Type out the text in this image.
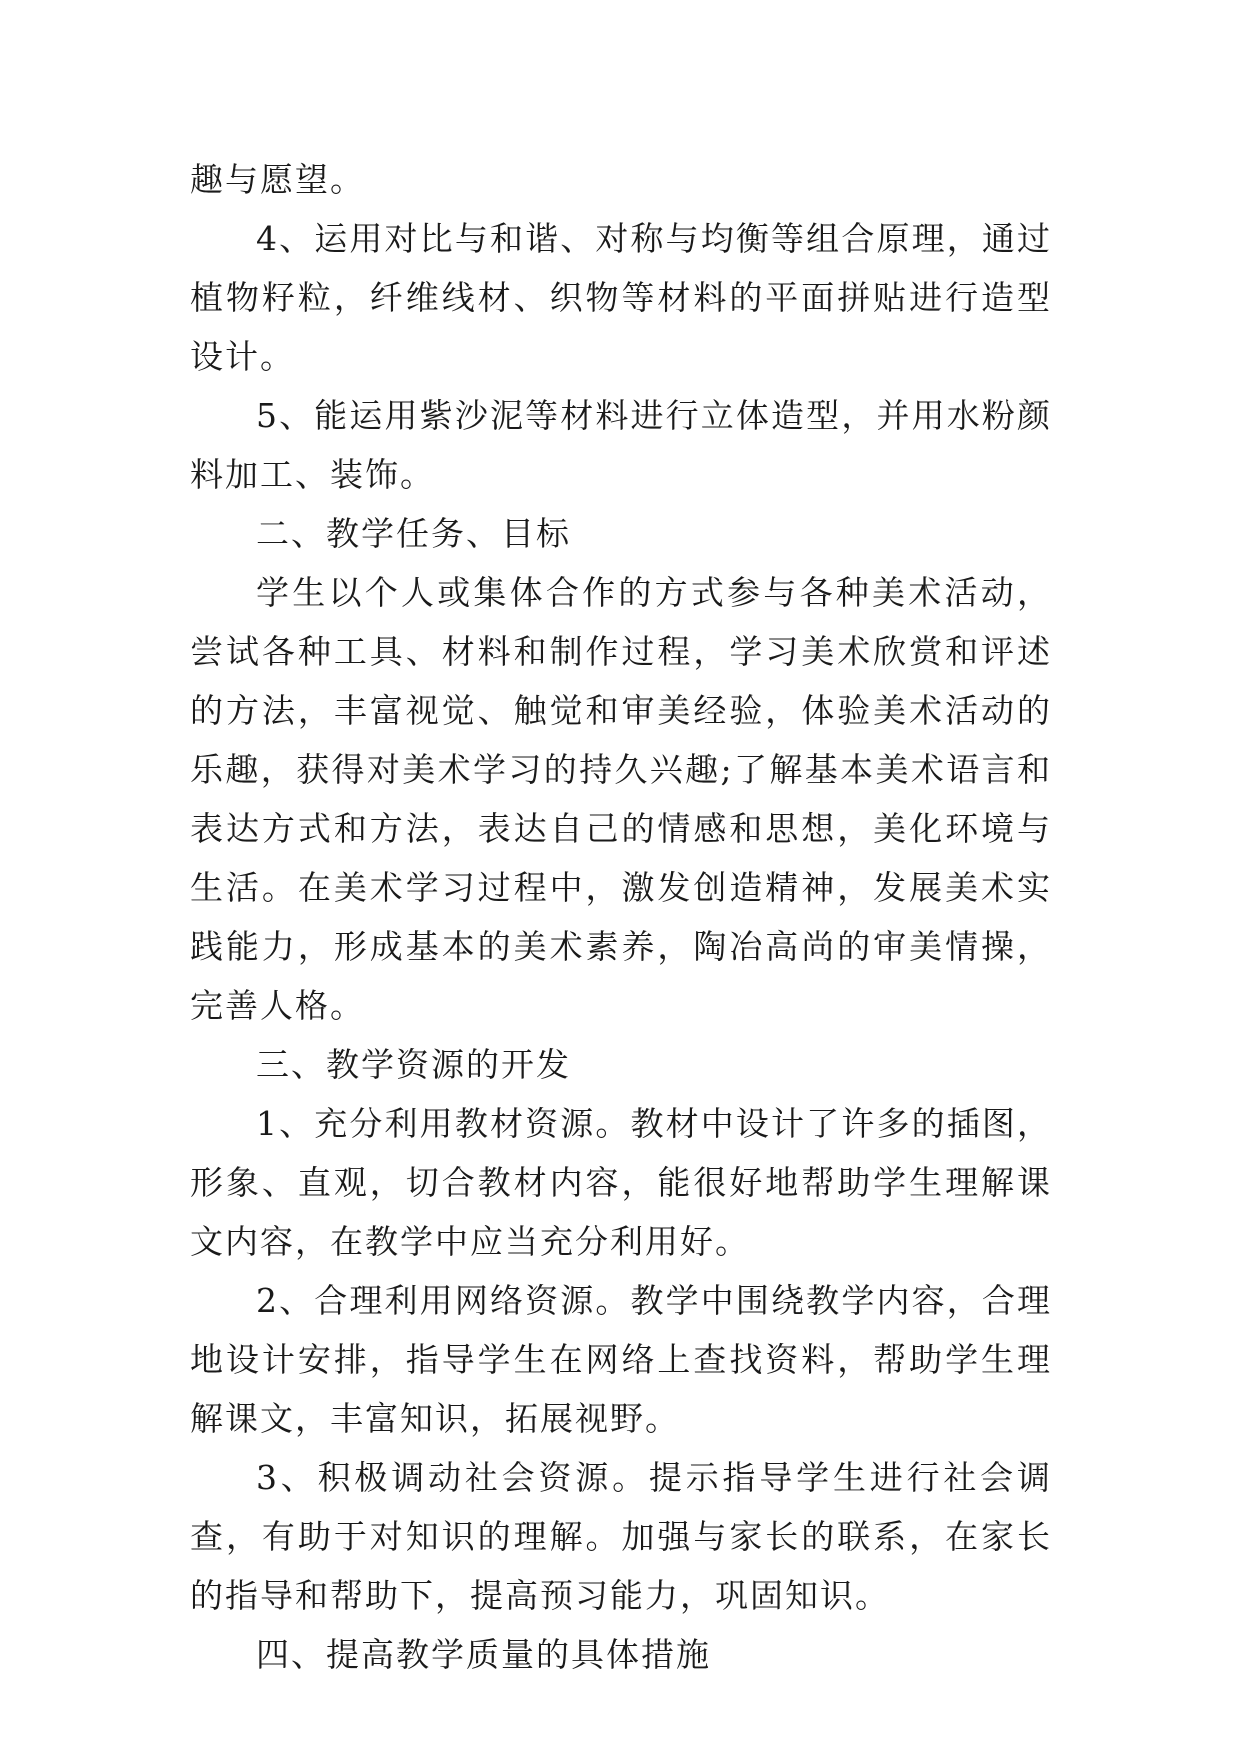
趣与愿望。

4、运用对比与和谐、对称与均衡等组合原理，通过植物籽粒，纤维线材、织物等材料的平面拼贴进行造型设计。

5、能运用紫沙泥等材料进行立体造型，并用水粉颜料加工、装饰。

二、教学任务、目标

学生以个人或集体合作的方式参与各种美术活动，尝试各种工具、材料和制作过程，学习美术欣赏和评述的方法，丰富视觉、触觉和审美经验，体验美术活动的乐趣，获得对美术学习的持久兴趣;了解基本美术语言和表达方式和方法，表达自己的情感和思想，美化环境与生活。在美术学习过程中，激发创造精神，发展美术实践能力，形成基本的美术素养，陶冶高尚的审美情操，完善人格。

三、教学资源的开发

1、充分利用教材资源。教材中设计了许多的插图，形象、直观，切合教材内容，能很好地帮助学生理解课文内容，在教学中应当充分利用好。

2、合理利用网络资源。教学中围绕教学内容，合理地设计安排，指导学生在网络上查找资料，帮助学生理解课文，丰富知识，拓展视野。

3、积极调动社会资源。提示指导学生进行社会调查，有助于对知识的理解。加强与家长的联系，在家长的指导和帮助下，提高预习能力，巩固知识。

四、提高教学质量的具体措施
